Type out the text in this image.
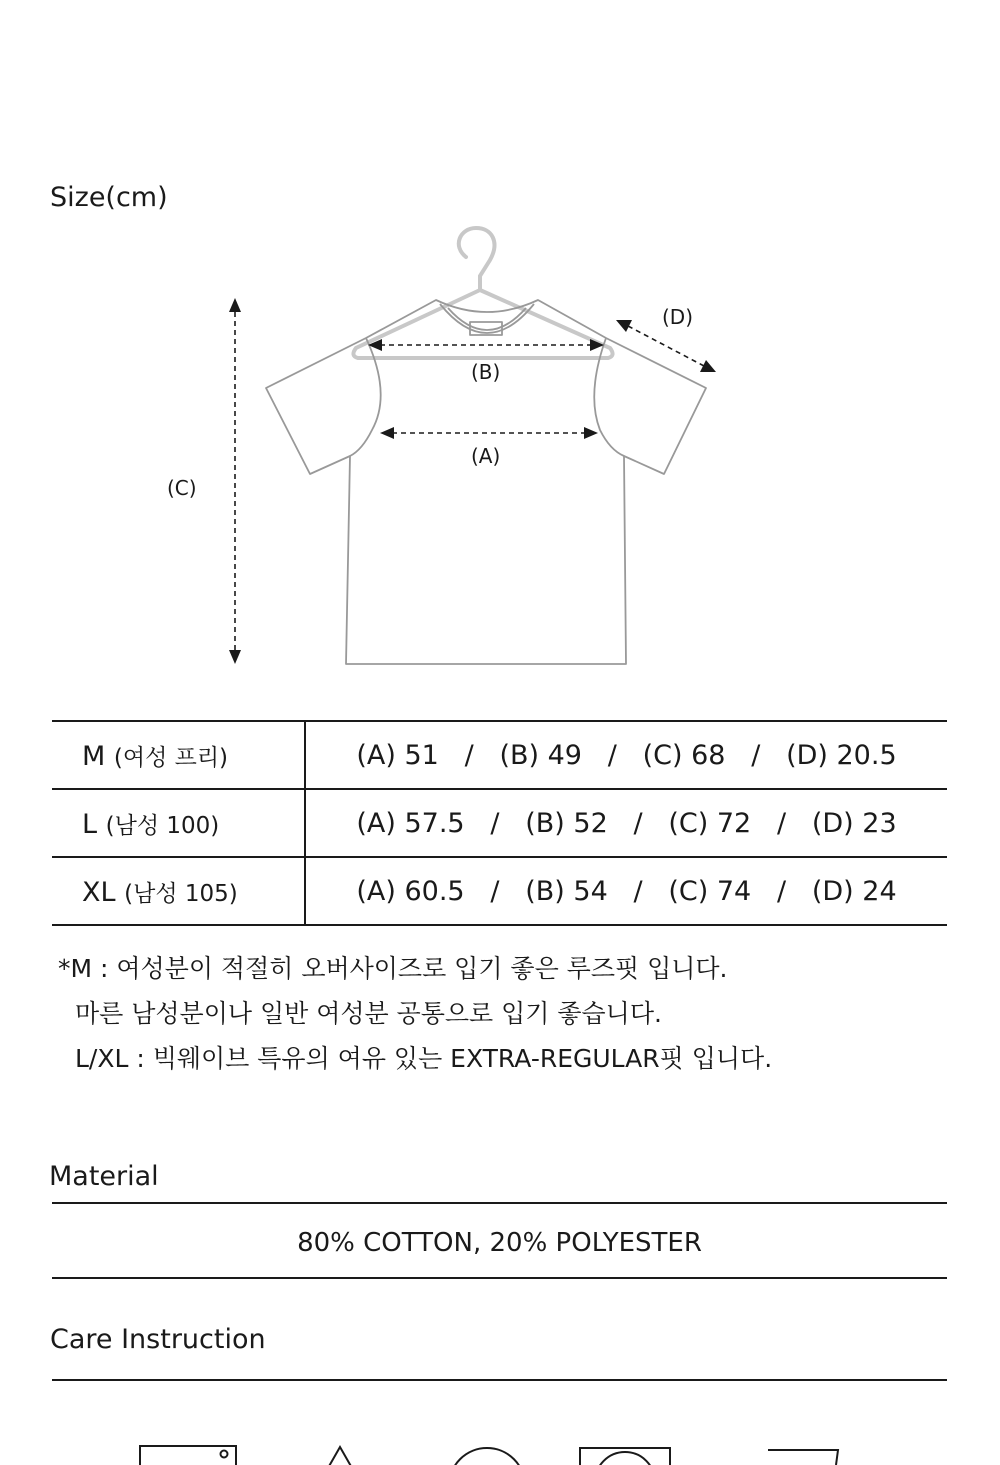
Size(cm)
(B)
(A)
(C)
(D)
M (여성 프리)	(A) 51 / (B) 49 / (C) 68 / (D) 20.5
L (남성 100)	(A) 57.5 / (B) 52 / (C) 72 / (D) 23
XL (남성 105)	(A) 60.5 / (B) 54 / (C) 74 / (D) 24
*M : 여성분이 적절히 오버사이즈로 입기 좋은 루즈핏 입니다.
마른 남성분이나 일반 여성분 공통으로 입기 좋습니다.
L/XL : 빅웨이브 특유의 여유 있는 EXTRA-REGULAR핏 입니다.
Material
80% COTTON, 20% POLYESTER
Care Instruction
